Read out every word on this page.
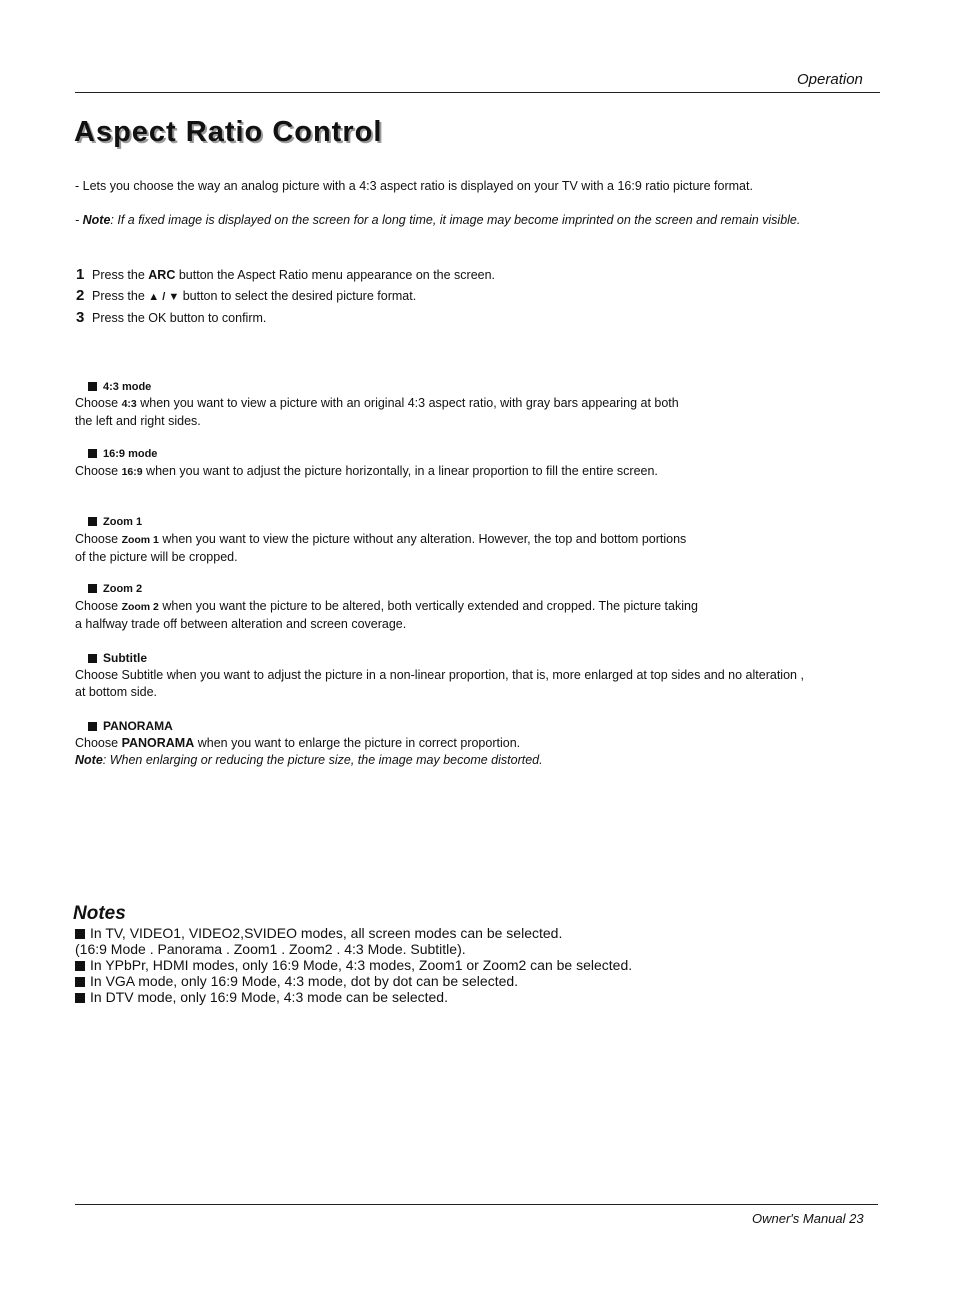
Operation
Aspect Ratio Control
- Lets you choose the way an analog picture with a 4:3 aspect ratio is displayed on your TV with a 16:9 ratio picture format.
- Note: If a fixed image is displayed on the screen for a long time, it image may become imprinted on the screen and remain visible.
1 Press the ARC button the Aspect Ratio menu appearance on the screen.
2 Press the ▲ / ▼ button to select the desired picture format.
3 Press the OK button to confirm.
4:3 mode
Choose 4:3 when you want to view a picture with an original 4:3 aspect ratio, with gray bars appearing at both
the left and right sides.
16:9 mode
Choose 16:9 when you want to adjust the picture horizontally, in a linear proportion to fill the entire screen.
Zoom 1
Choose Zoom 1 when you want to view the picture without any alteration. However, the top and bottom portions
of the picture will be cropped.
Zoom 2
Choose Zoom 2 when you want the picture to be altered, both vertically extended and cropped. The picture taking
a halfway trade off between alteration and screen coverage.
Subtitle
Choose Subtitle when you want to adjust the picture in a non-linear proportion, that is, more enlarged at top sides and no alteration ,
at bottom side.
PANORAMA
Choose PANORAMA when you want to enlarge the picture in correct proportion.
Note: When enlarging or reducing the picture size, the image may become distorted.
Notes
In TV, VIDEO1, VIDEO2,SVIDEO modes, all screen modes can be selected.
(16:9 Mode . Panorama . Zoom1 . Zoom2 . 4:3 Mode. Subtitle).
In YPbPr, HDMI modes, only 16:9 Mode, 4:3 modes, Zoom1 or Zoom2 can be selected.
In VGA mode, only 16:9 Mode, 4:3 mode, dot by dot can be selected.
In DTV mode, only 16:9 Mode, 4:3 mode can be selected.
Owner's Manual 23
